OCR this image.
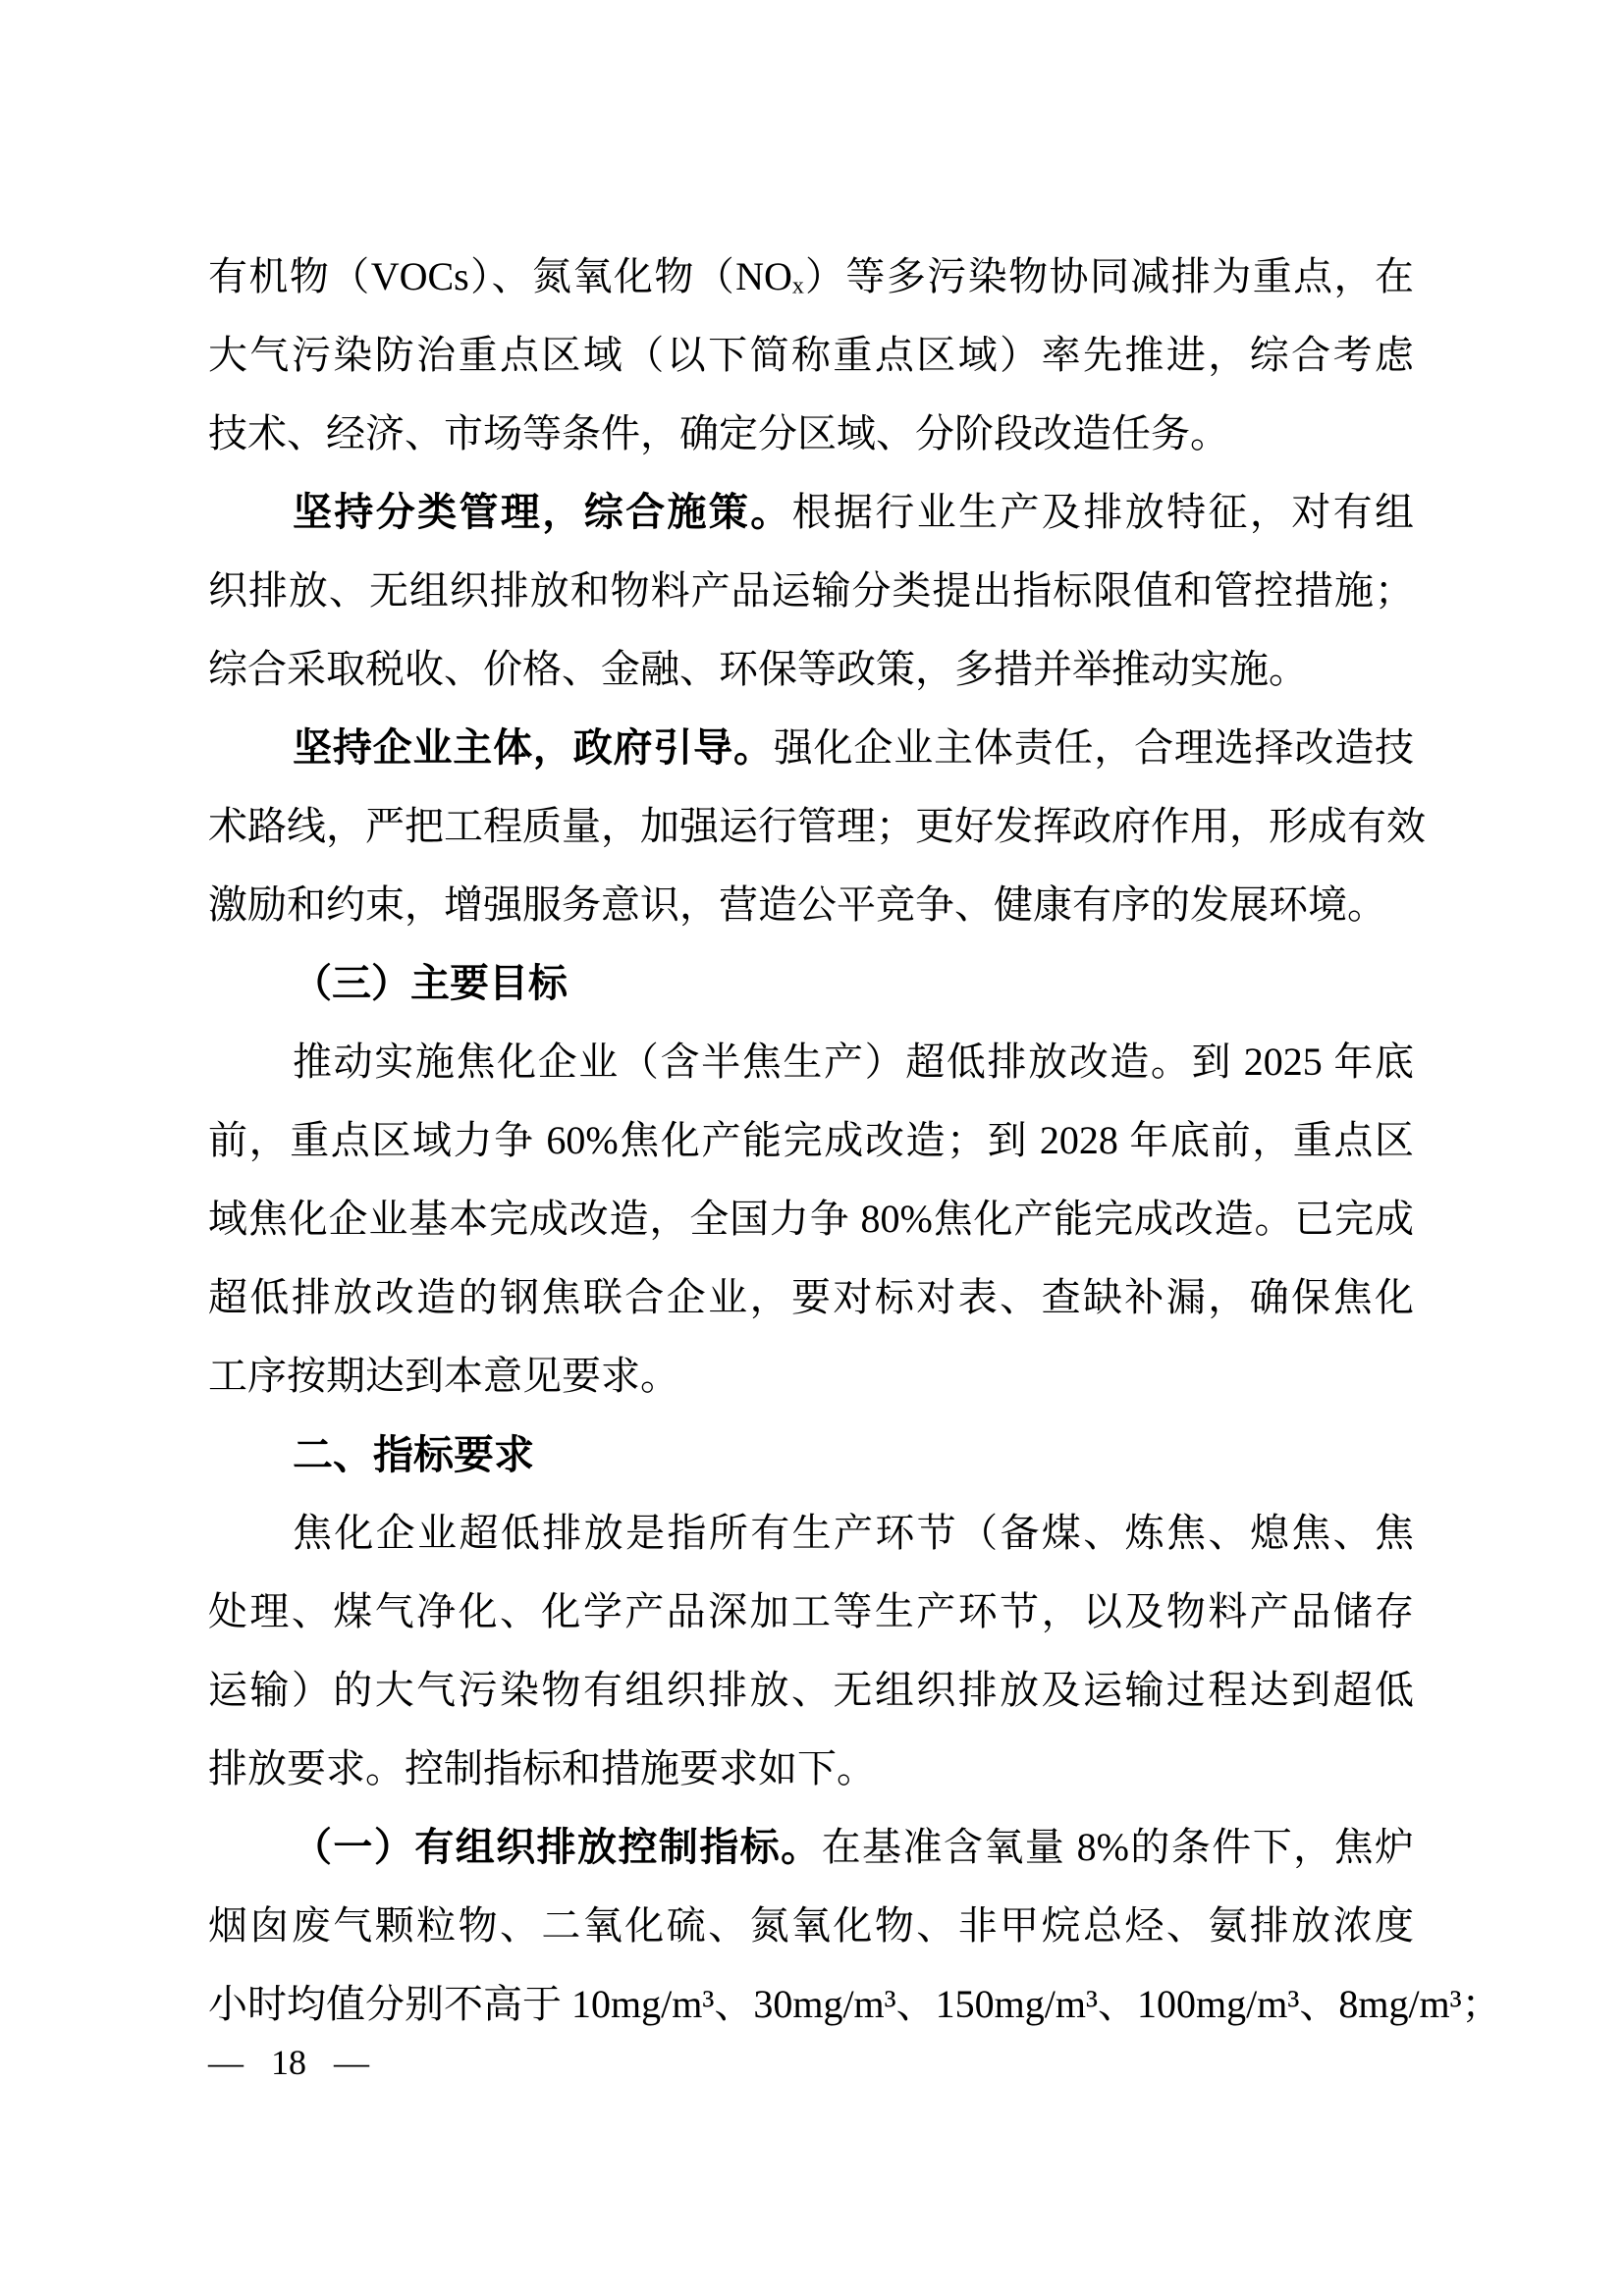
有机物（VOCs）、氮氧化物（NOₓ）等多污染物协同减排为重点，在
大气污染防治重点区域（以下简称重点区域）率先推进，综合考虑
技术、经济、市场等条件，确定分区域、分阶段改造任务。
坚持分类管理，综合施策。根据行业生产及排放特征，对有组
织排放、无组织排放和物料产品运输分类提出指标限值和管控措施；
综合采取税收、价格、金融、环保等政策，多措并举推动实施。
坚持企业主体，政府引导。强化企业主体责任，合理选择改造技
术路线，严把工程质量，加强运行管理；更好发挥政府作用，形成有效
激励和约束，增强服务意识，营造公平竞争、健康有序的发展环境。
（三）主要目标
推动实施焦化企业（含半焦生产）超低排放改造。到 2025 年底
前，重点区域力争 60%焦化产能完成改造；到 2028 年底前，重点区
域焦化企业基本完成改造，全国力争 80%焦化产能完成改造。已完成
超低排放改造的钢焦联合企业，要对标对表、查缺补漏，确保焦化
工序按期达到本意见要求。
二、指标要求
焦化企业超低排放是指所有生产环节（备煤、炼焦、熄焦、焦
处理、煤气净化、化学产品深加工等生产环节，以及物料产品储存
运输）的大气污染物有组织排放、无组织排放及运输过程达到超低
排放要求。控制指标和措施要求如下。
（一）有组织排放控制指标。在基准含氧量 8%的条件下，焦炉
烟囱废气颗粒物、二氧化硫、氮氧化物、非甲烷总烃、氨排放浓度
小时均值分别不高于 10mg/m³、30mg/m³、150mg/m³、100mg/m³、8mg/m³；
— 18 —
